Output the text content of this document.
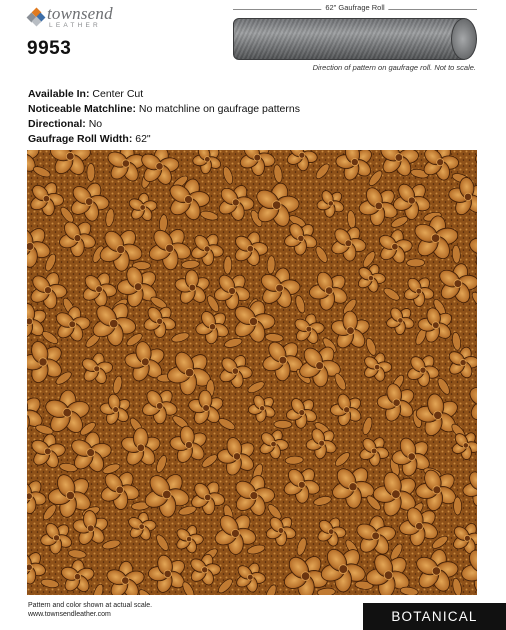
townsend
LEATHER
9953
62" Gaufrage Roll
Direction of pattern on gaufrage roll. Not to scale.
Available In: Center Cut
Noticeable Matchline: No matchline on gaufrage patterns
Directional: No
Gaufrage Roll Width: 62"
Pattern and color shown at actual scale.
www.townsendleather.com	BOTANICAL
